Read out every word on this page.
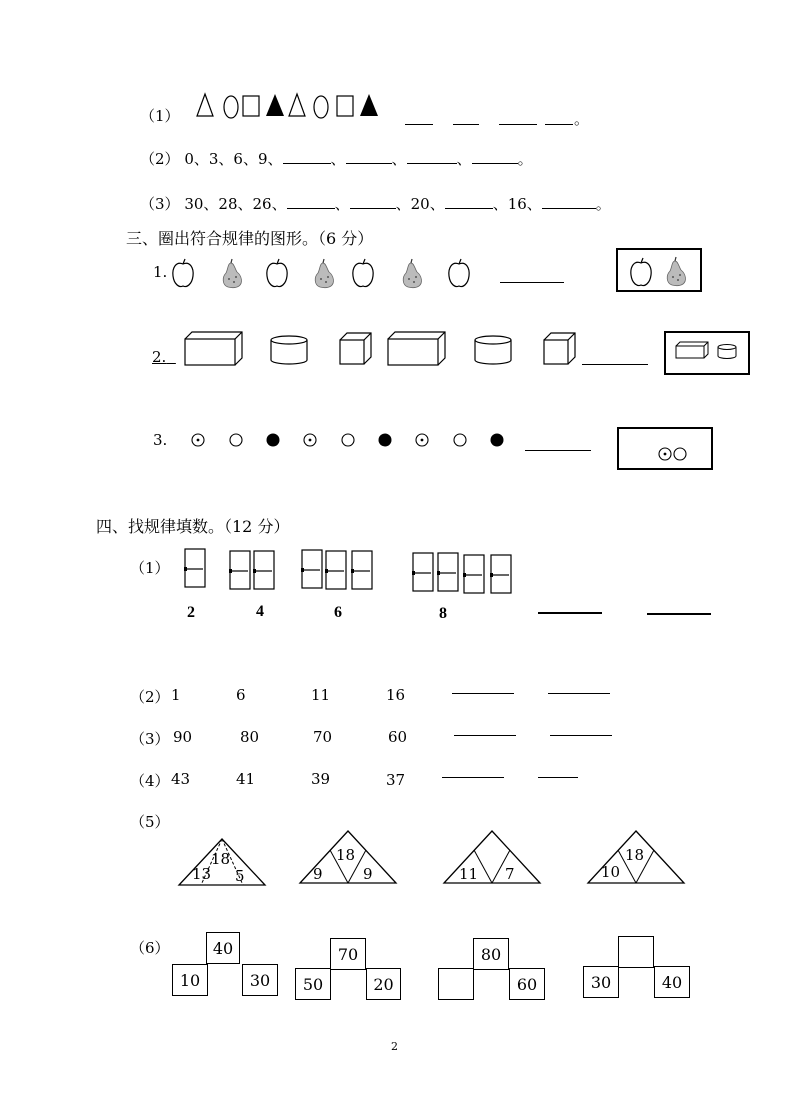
（1）	。
（2） 0、3、6、9、	、	、	、	。
（3） 30、28、26、	、	、20、	、16、	。
三、圈出符合规律的图形。（6 分）
1.
2.
3.
四、找规律填数。（12 分）
（1）
2	4	6	8
（2） 1	6	11	16
（3） 90	80	70	60
（4） 43	41	39	37
（5）
18
13 5
18
9	9	11 7
18
10
（6）	40
10	30
70
50	20
80
60	30	40
2
